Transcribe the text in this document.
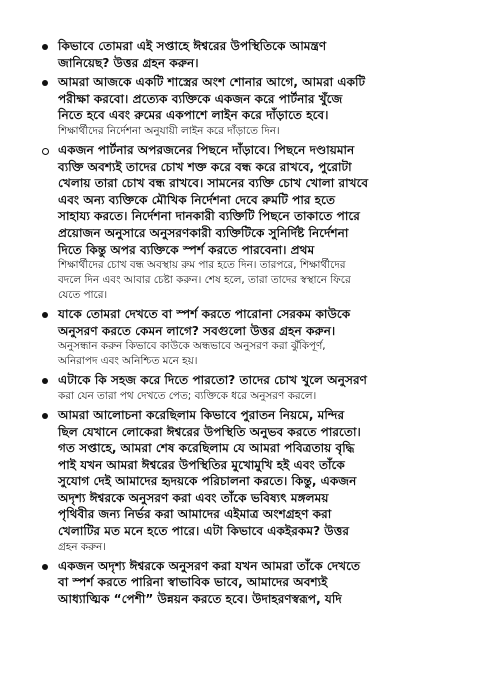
কিভাবে তোমরা এই সপ্তাহে ঈশ্বরের উপস্থিতিকে আমন্ত্রণ

জানিয়েছ? উত্তর গ্রহন করুন।

আমরা আজকে একটি শাস্ত্রের অংশ শোনার আগে, আমরা একটি

পরীক্ষা করবো। প্রত্যেক ব্যক্তিকে একজন করে পার্টনার খুঁজে

নিতে হবে এবং রুমের একপাশে লাইন করে দাঁড়াতে হবে।

শিক্ষার্থীদের নির্দেশনা অনুযায়ী লাইন করে দাঁড়াতে দিন।

একজন পার্টনার অপরজনের পিছনে দাঁড়াবে। পিছনে দণ্ডায়মান

ব্যক্তি অবশ্যই তাদের চোখ শক্ত করে বন্ধ করে রাখবে, পুরোটা

খেলায় তারা চোখ বন্ধ রাখবে। সামনের ব্যক্তি চোখ খোলা রাখবে

এবং অন্য ব্যক্তিকে মৌখিক নির্দেশনা দেবে রুমটি পার হতে

সাহায্য করতে। নির্দেশনা দানকারী ব্যক্তিটি পিছনে তাকাতে পারে

প্রয়োজন অনুসারে অনুসরণকারী ব্যক্তিটিকে সুনির্দিষ্ট নির্দেশনা

দিতে কিন্তু অপর ব্যক্তিকে স্পর্শ করতে পারবেনা। প্রথম

শিক্ষার্থীদের চোখ বন্ধ অবস্থায় রুম পার হতে দিন। তারপরে, শিক্ষার্থীদের

বদলে দিন এবং আবার চেষ্টা করুন। শেষ হলে, তারা তাদের স্বস্থানে ফিরে

যেতে পারে।

যাকে তোমরা দেখতে বা স্পর্শ করতে পারোনা সেরকম কাউকে

অনুসরণ করতে কেমন লাগে? সবগুলো উত্তর গ্রহন করুন।

অনুসন্ধান করুন কিভাবে কাউকে অন্ধভাবে অনুসরণ করা ঝুঁকিপূর্ণ,

অনিরাপদ এবং অনিশ্চিত মনে হয়।

এটাকে কি সহজ করে দিতে পারতো? তাদের চোখ খুলে অনুসরণ

করা যেন তারা পথ দেখতে পেত; ব্যক্তিকে ধরে অনুসরণ করলে।

আমরা আলোচনা করেছিলাম কিভাবে পুরাতন নিয়মে, মন্দির

ছিল যেখানে লোকেরা ঈশ্বরের উপস্থিতি অনুভব করতে পারতো।

গত সপ্তাহে, আমরা শেষ করেছিলাম যে আমরা পবিত্রতায় বৃদ্ধি

পাই যখন আমরা ঈশ্বরের উপস্থিতির মুখোমুখি হই এবং তাঁকে

সুযোগ দেই আমাদের হৃদয়কে পরিচালনা করতে। কিন্তু, একজন

অদৃশ্য ঈশ্বরকে অনুসরণ করা এবং তাঁকে ভবিষ্যৎ মঙ্গলময়

পৃথিবীর জন্য নির্ভর করা আমাদের এইমাত্র অংশগ্রহণ করা

খেলাটির মত মনে হতে পারে। এটা কিভাবে একইরকম? উত্তর

গ্রহন করুন।

একজন অদৃশ্য ঈশ্বরকে অনুসরণ করা যখন আমরা তাঁকে দেখতে

বা স্পর্শ করতে পারিনা স্বাভাবিক ভাবে, আমাদের অবশ্যই

আধ্যাত্মিক “পেশী” উন্নয়ন করতে হবে। উদাহরণস্বরূপ, যদি
